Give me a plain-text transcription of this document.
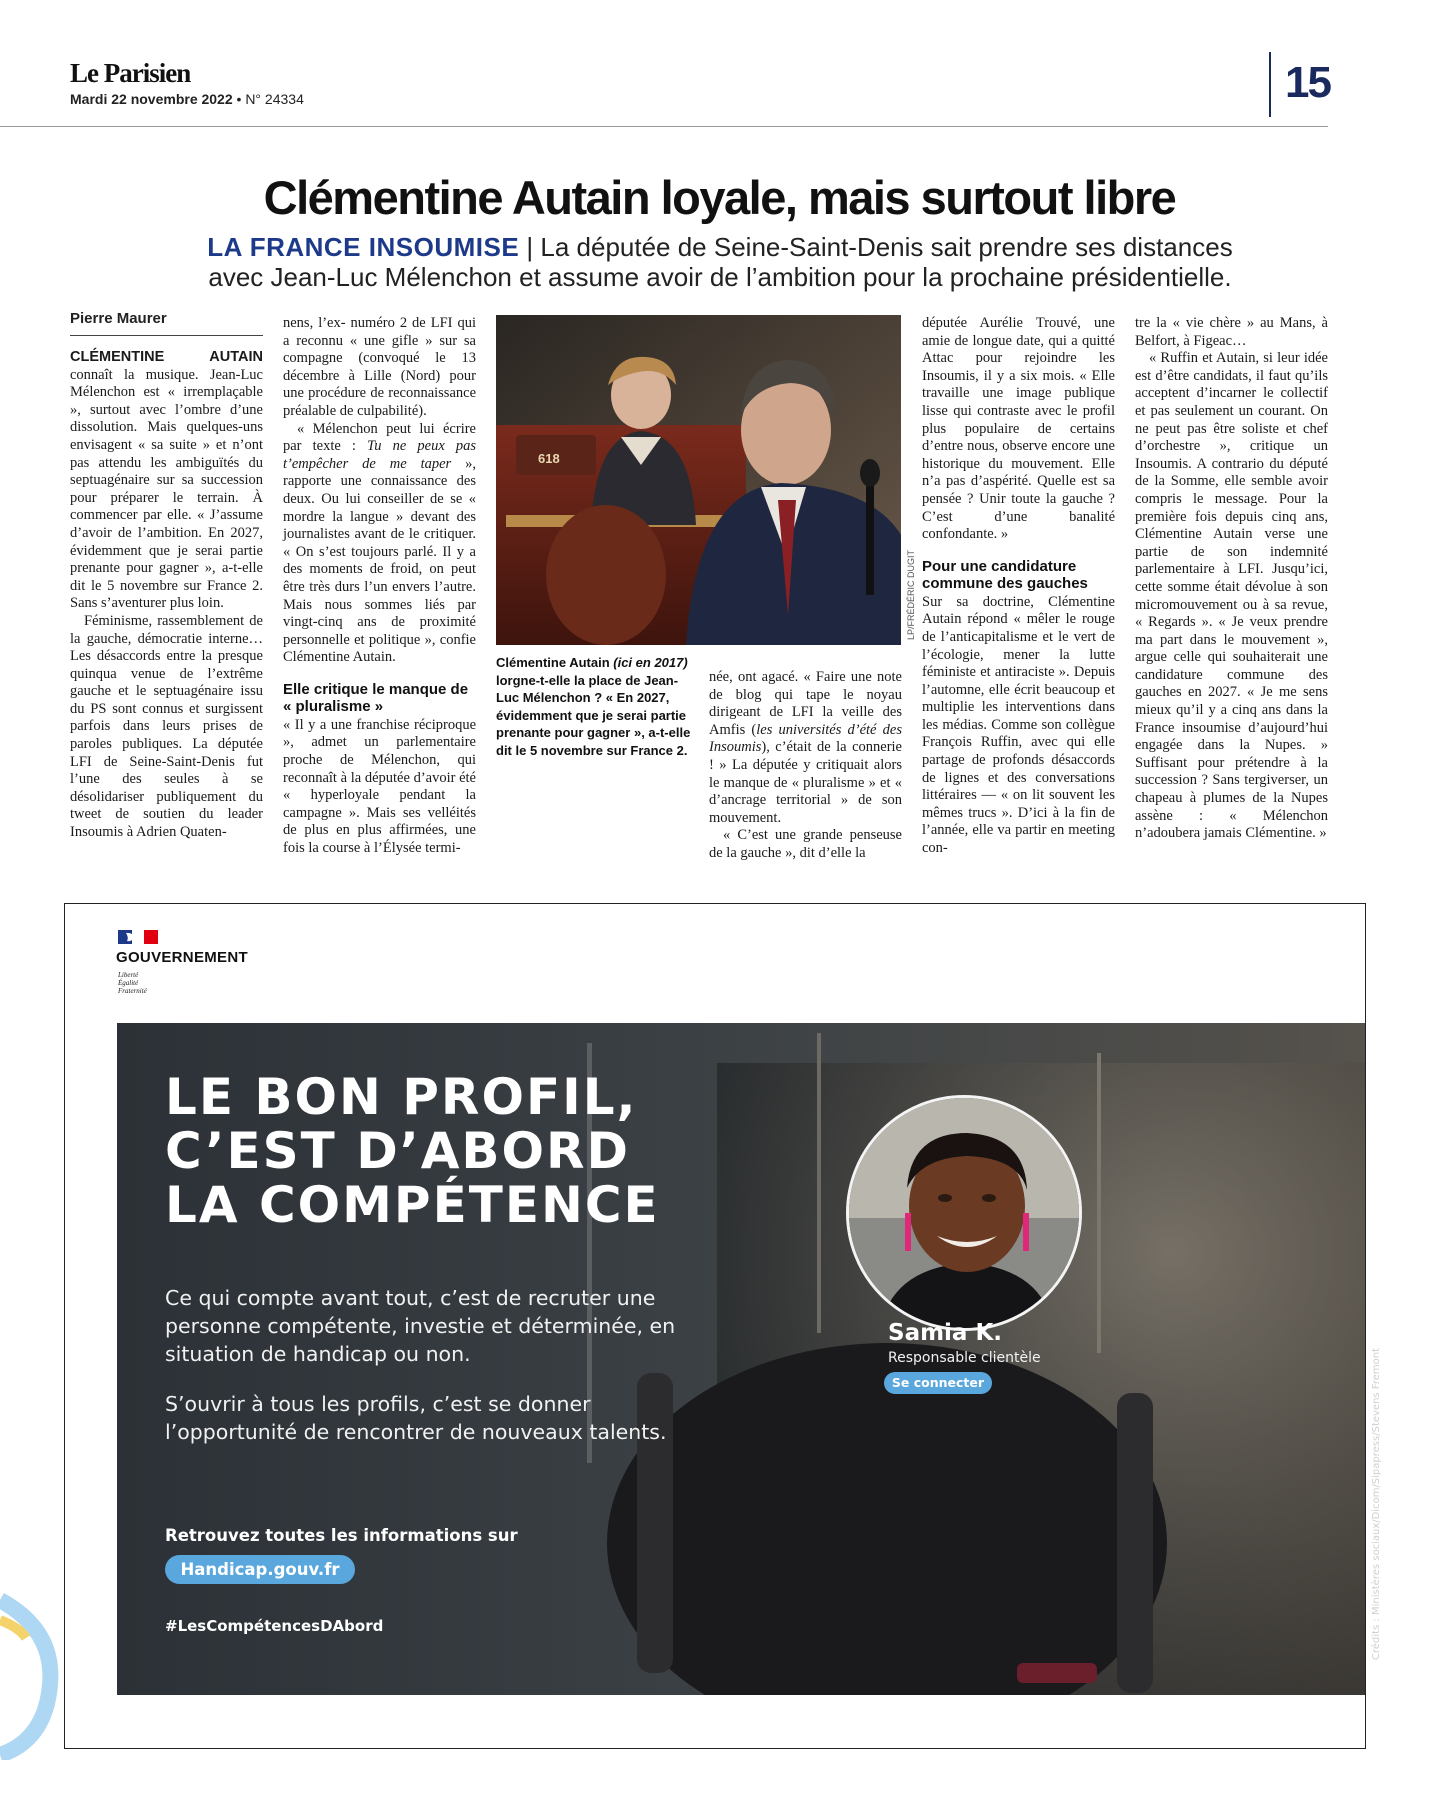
Le Parisien
Mardi 22 novembre 2022 • N° 24334	15
Clémentine Autain loyale, mais surtout libre
LA FRANCE INSOUMISE | La députée de Seine-Saint-Denis sait prendre ses distances
avec Jean-Luc Mélenchon et assume avoir de l’ambition pour la prochaine présidentielle.
Pierre Maurer

CLÉMENTINE AUTAIN connaît la musique. Jean-Luc Mélenchon est « irremplaçable », surtout avec l’ombre d’une dissolution. Mais quelques-uns envisagent « sa suite » et n’ont pas attendu les ambiguïtés du septuagénaire sur sa succession pour préparer le terrain. À commencer par elle. « J’assume d’avoir de l’ambition. En 2027, évidemment que je serai partie prenante pour gagner », a-t-elle dit le 5 novembre sur France 2. Sans s’aventurer plus loin.

Féminisme, rassemblement de la gauche, démocratie interne… Les désaccords entre la presque quinqua venue de l’extrême gauche et le septuagénaire issu du PS sont connus et surgissent parfois dans leurs prises de paroles publiques. La députée LFI de Seine-Saint-Denis fut l’une des seules à se désolidariser publiquement du tweet de soutien du leader Insoumis à Adrien Quaten-

nens, l’ex- numéro 2 de LFI qui a reconnu « une gifle » sur sa compagne (convoqué le 13 décembre à Lille (Nord) pour une procédure de reconnaissance préalable de culpabilité).

« Mélenchon peut lui écrire par texte : Tu ne peux pas t’empêcher de me taper », rapporte une connaissance des deux. Ou lui conseiller de se « mordre la langue » devant des journalistes avant de le critiquer. « On s’est toujours parlé. Il y a des moments de froid, on peut être très durs l’un envers l’autre. Mais nous sommes liés par vingt-cinq ans de proximité personnelle et politique », confie Clémentine Autain.

Elle critique le manque de « pluralisme »

« Il y a une franchise réciproque », admet un parlementaire proche de Mélenchon, qui reconnaît à la députée d’avoir été « hyperloyale pendant la campagne ». Mais ses velléités de plus en plus affirmées, une fois la course à l’Élysée termi-

618
LP/FRÉDÉRIC DUGIT
Clémentine Autain (ici en 2017) lorgne-t-elle la place de Jean-Luc Mélenchon ? « En 2027, évidemment que je serai partie prenante pour gagner », a-t-elle dit le 5 novembre sur France 2.

née, ont agacé. « Faire une note de blog qui tape le noyau dirigeant de LFI la veille des Amfis (les universités d’été des Insoumis), c’était de la connerie ! » La députée y critiquait alors le manque de « pluralisme » et « d’ancrage territorial » de son mouvement.

« C’est une grande penseuse de la gauche », dit d’elle la

députée Aurélie Trouvé, une amie de longue date, qui a quitté Attac pour rejoindre les Insoumis, il y a six mois. « Elle travaille une image publique lisse qui contraste avec le profil plus populaire de certains d’entre nous, observe encore une historique du mouvement. Elle n’a pas d’aspérité. Quelle est sa pensée ? Unir toute la gauche ? C’est d’une banalité confondante. »

Pour une candidature commune des gauches

Sur sa doctrine, Clémentine Autain répond « mêler le rouge de l’anticapitalisme et le vert de l’écologie, mener la lutte féministe et antiraciste ». Depuis l’automne, elle écrit beaucoup et multiplie les interventions dans les médias. Comme son collègue François Ruffin, avec qui elle partage de profonds désaccords de lignes et des conversations littéraires — « on lit souvent les mêmes trucs ». D’ici à la fin de l’année, elle va partir en meeting con-

tre la « vie chère » au Mans, à Belfort, à Figeac…

« Ruffin et Autain, si leur idée est d’être candidats, il faut qu’ils acceptent d’incarner le collectif et pas seulement un courant. On ne peut pas être soliste et chef d’orchestre », critique un Insoumis. A contrario du député de la Somme, elle semble avoir compris le message. Pour la première fois depuis cinq ans, Clémentine Autain verse une partie de son indemnité parlementaire à LFI. Jusqu’ici, cette somme était dévolue à son micromouvement ou à sa revue, « Regards ». « Je veux prendre ma part dans le mouvement », argue celle qui souhaiterait une candidature commune des gauches en 2027. « Je me sens mieux qu’il y a cinq ans dans la France insoumise d’aujourd’hui engagée dans la Nupes. » Suffisant pour prétendre à la succession ? Sans tergiverser, un chapeau à plumes de la Nupes assène : « Mélenchon n’adoubera jamais Clémentine. »

GOUVERNEMENT
Liberté
Égalité
Fraternité
LE BON PROFIL,
C’EST D’ABORD
LA COMPÉTENCE
Ce qui compte avant tout, c’est de recruter une personne compétente, investie et déterminée, en situation de handicap ou non.
S’ouvrir à tous les profils, c’est se donner l’opportunité de rencontrer de nouveaux talents.
Retrouvez toutes les informations sur
Handicap.gouv.fr
#LesCompétencesDAbord
Samia K.
Responsable clientèle
Se connecter	Crédits : Ministères sociaux/Dicom/Sipapress/Stevens Fremont
